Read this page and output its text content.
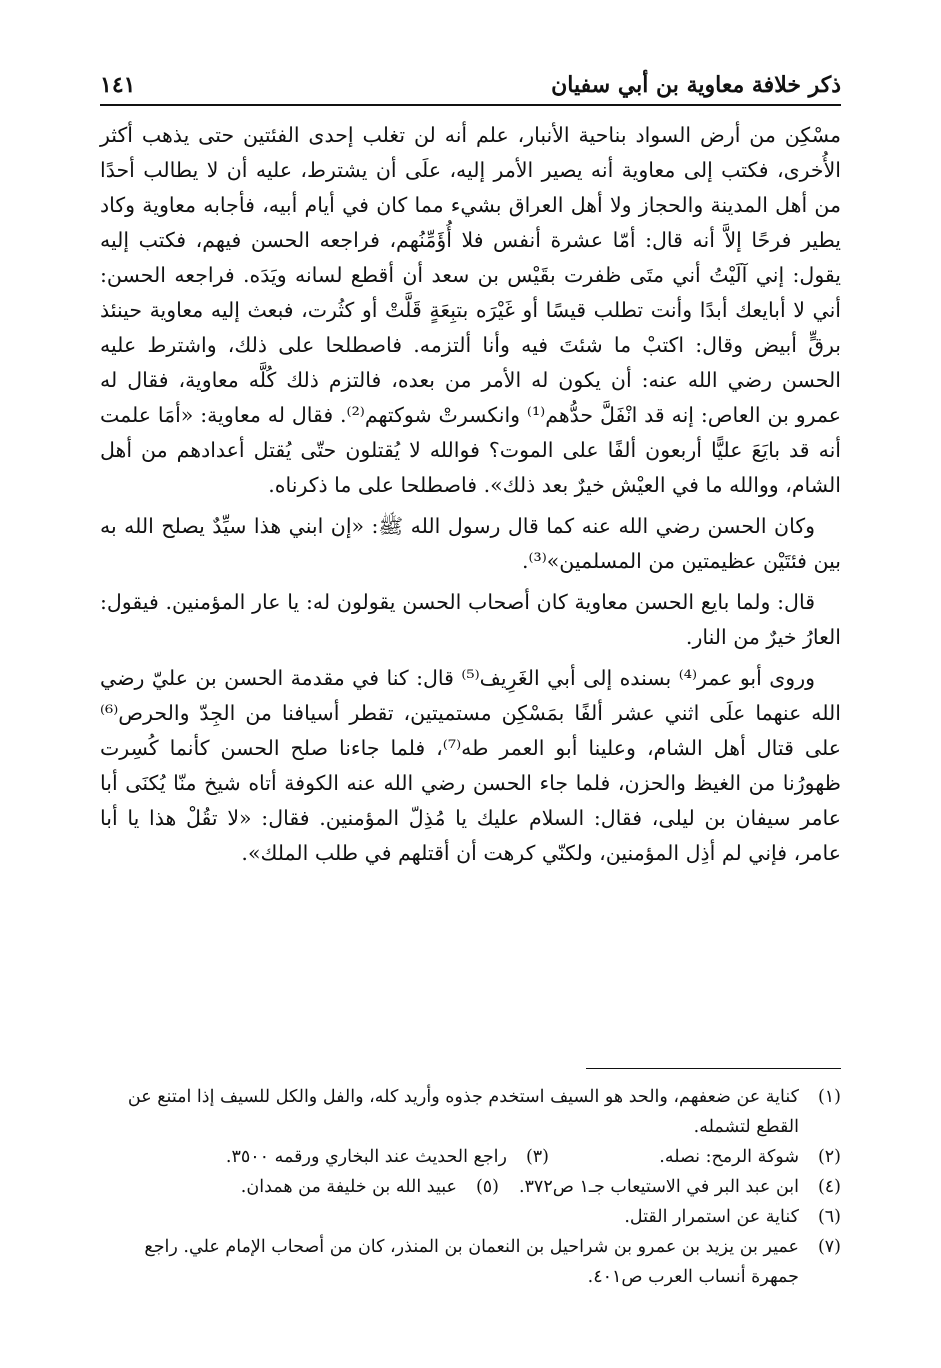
ذكر خلافة معاوية بن أبي سفيان
١٤١

مسْكِن من أرض السواد بناحية الأنبار، علم أنه لن تغلب إحدى الفئتين حتى يذهب أكثر الأُخرى، فكتب إلى معاوية أنه يصير الأمر إليه، علَى أن يشترط، عليه أن لا يطالب أحدًا من أهل المدينة والحجاز ولا أهل العراق بشيء مما كان في أيام أبيه، فأجابه معاوية وكاد يطير فرحًا إلاَّ أنه قال: أمّا عشرة أنفس فلا أُؤَمِّنُهم، فراجعه الحسن فيهم، فكتب إليه يقول: إني آلَيْتُ أني متَى ظفرت بقَيْس بن سعد أن أقطع لسانه ويَدَه. فراجعه الحسن: أني لا أبايعك أبدًا وأنت تطلب قيسًا أو غَيْرَه بتبِعَةٍ قَلَّتْ أو كثُرت، فبعث إليه معاوية حينئذ برقٍّ أبيض وقال: اكتبْ ما شئتَ فيه وأنا ألتزمه. فاصطلحا على ذلك، واشترط عليه الحسن رضي الله عنه: أن يكون له الأمر من بعده، فالتزم ذلك كُلَّه معاوية، فقال له عمرو بن العاص: إنه قد انْفَلَّ حدُّهم⁽¹⁾ وانكسرتْ شوكتهم⁽²⁾. فقال له معاوية: «أمَا علمت أنه قد بايَعَ عليًّا أربعون ألفًا على الموت؟ فوالله لا يُقتلون حتّى يُقتل أعدادهم من أهل الشام، ووالله ما في العيْش خيرٌ بعد ذلك». فاصطلحا على ما ذكرناه.

وكان الحسن رضي الله عنه كما قال رسول الله ﷺ: «إن ابني هذا سيِّدٌ يصلح الله به بين فئتَيْن عظيمتين من المسلمين»⁽³⁾.

قال: ولما بايع الحسن معاوية كان أصحاب الحسن يقولون له: يا عار المؤمنين. فيقول: العارُ خيرٌ من النار.

وروى أبو عمر⁽⁴⁾ بسنده إلى أبي الغَرِيف⁽⁵⁾ قال: كنا في مقدمة الحسن بن عليّ رضي الله عنهما علَى اثني عشر ألفًا بمَسْكِن مستميتين، تقطر أسيافنا من الجِدّ والحرص⁽⁶⁾ على قتال أهل الشام، وعلينا أبو العمر طه⁽⁷⁾، فلما جاءنا صلح الحسن كأنما كُسِرت ظهورُنا من الغيظ والحزن، فلما جاء الحسن رضي الله عنه الكوفة أتاه شيخ منّا يُكنَى أبا عامر سيفان بن ليلى، فقال: السلام عليك يا مُذِلّ المؤمنين. فقال: «لا تقُلْ هذا يا أبا عامر، فإني لم أذِل المؤمنين، ولكنّي كرهت أن أقتلهم في طلب الملك».

(١)
كناية عن ضعفهم، والحد هو السيف استخدم جذوه وأريد كله، والفل والكل للسيف إذا امتنع عن القطع لتشمله.
(٢)
شوكة الرمح: نصله.
(٣)
راجع الحديث عند البخاري ورقمه ٣٥٠٠.
(٤)
ابن عبد البر في الاستيعاب جـ١ ص٣٧٢.
(٥)
عبيد الله بن خليفة من همدان.
(٦)
كناية عن استمرار القتل.
(٧)
عمير بن يزيد بن عمرو بن شراحيل بن النعمان بن المنذر، كان من أصحاب الإمام علي. راجع جمهرة أنساب العرب ص٤٠١.
